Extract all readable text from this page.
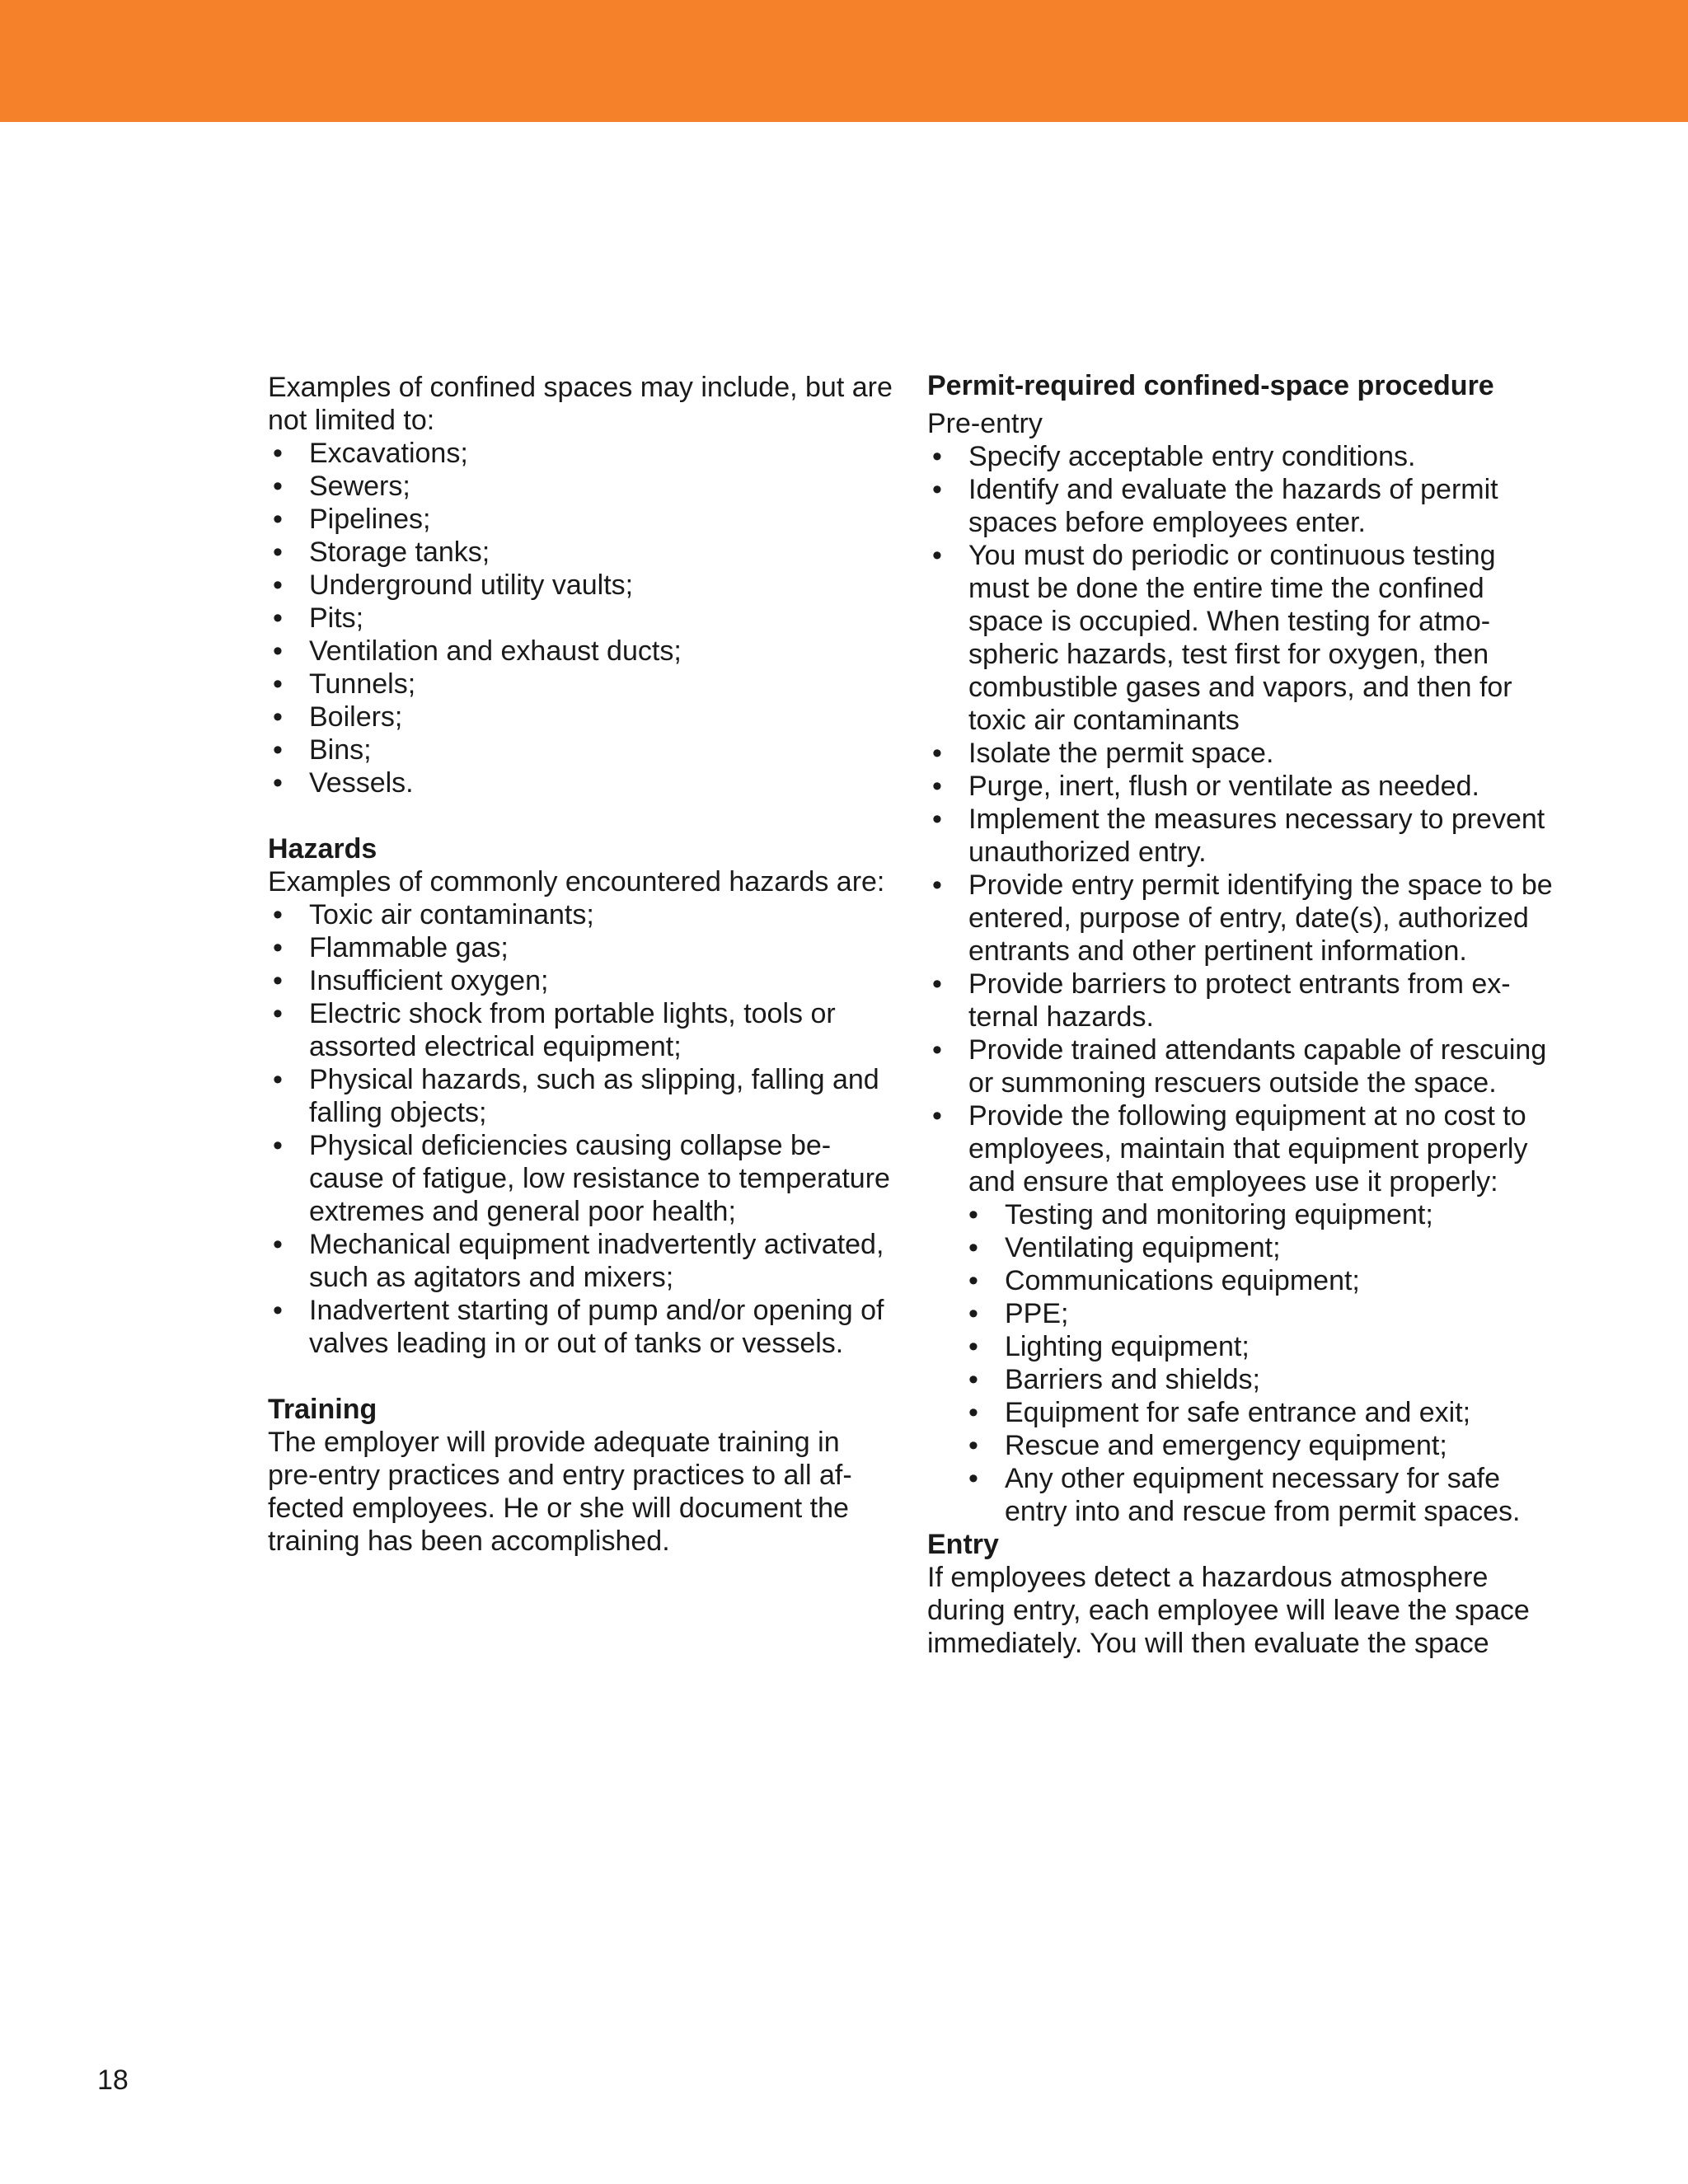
Examples of confined spaces may include, but are not limited to:

• Excavations;
• Sewers;
• Pipelines;
• Storage tanks;
• Underground utility vaults;
• Pits;
• Ventilation and exhaust ducts;
• Tunnels;
• Boilers;
• Bins;
• Vessels.

Hazards

Examples of commonly encountered hazards are:

• Toxic air contaminants;
• Flammable gas;
• Insufficient oxygen;
• Electric shock from portable lights, tools or assorted electrical equipment;
• Physical hazards, such as slipping, falling and falling objects;
• Physical deficiencies causing collapse because of fatigue, low resistance to temperature extremes and general poor health;
• Mechanical equipment inadvertently activated, such as agitators and mixers;
• Inadvertent starting of pump and/or opening of valves leading in or out of tanks or vessels.

Training

The employer will provide adequate training in pre-entry practices and entry practices to all affected employees. He or she will document the training has been accomplished.

Permit-required confined-space procedure

Pre-entry

• Specify acceptable entry conditions.
• Identify and evaluate the hazards of permit spaces before employees enter.
• You must do periodic or continuous testing must be done the entire time the confined space is occupied. When testing for atmospheric hazards, test first for oxygen, then combustible gases and vapors, and then for toxic air contaminants
• Isolate the permit space.
• Purge, inert, flush or ventilate as needed.
• Implement the measures necessary to prevent unauthorized entry.
• Provide entry permit identifying the space to be entered, purpose of entry, date(s), authorized entrants and other pertinent information.
• Provide barriers to protect entrants from external hazards.
• Provide trained attendants capable of rescuing or summoning rescuers outside the space.
• Provide the following equipment at no cost to employees, maintain that equipment properly and ensure that employees use it properly:
• Testing and monitoring equipment;
• Ventilating equipment;
• Communications equipment;
• PPE;
• Lighting equipment;
• Barriers and shields;
• Equipment for safe entrance and exit;
• Rescue and emergency equipment;
• Any other equipment necessary for safe entry into and rescue from permit spaces.

Entry

If employees detect a hazardous atmosphere during entry, each employee will leave the space immediately. You will then evaluate the space

18
